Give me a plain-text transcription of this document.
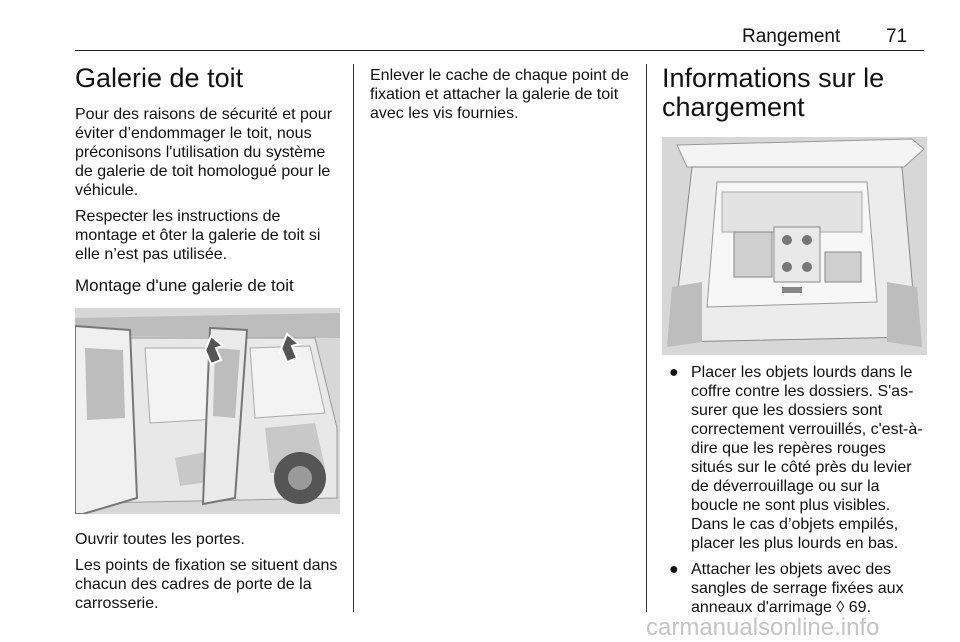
Rangement 71
Galerie de toit

Pour des raisons de sécurité et pour éviter d’endommager le toit, nous préconisons l'utilisation du système de galerie de toit homologué pour le véhicule.

Respecter les instructions de montage et ôter la galerie de toit si elle n’est pas utilisée.

Montage d'une galerie de toit

Ouvrir toutes les portes.

Les points de fixation se situent dans chacun des cadres de porte de la carrosserie.

Enlever le cache de chaque point de fixation et attacher la galerie de toit avec les vis fournies.

Informations sur le chargement
● Placer les objets lourds dans le coffre contre les dossiers. S'as-surer que les dossiers sont correctement verrouillés, c'est-à-dire que les repères rouges situés sur le côté près du levier de déverrouillage ou sur la boucle ne sont plus visibles. Dans le cas d’objets empilés, placer les plus lourds en bas.
● Attacher les objets avec des sangles de serrage fixées aux anneaux d'arrimage ◊ 69.
carmanualsonline.info
